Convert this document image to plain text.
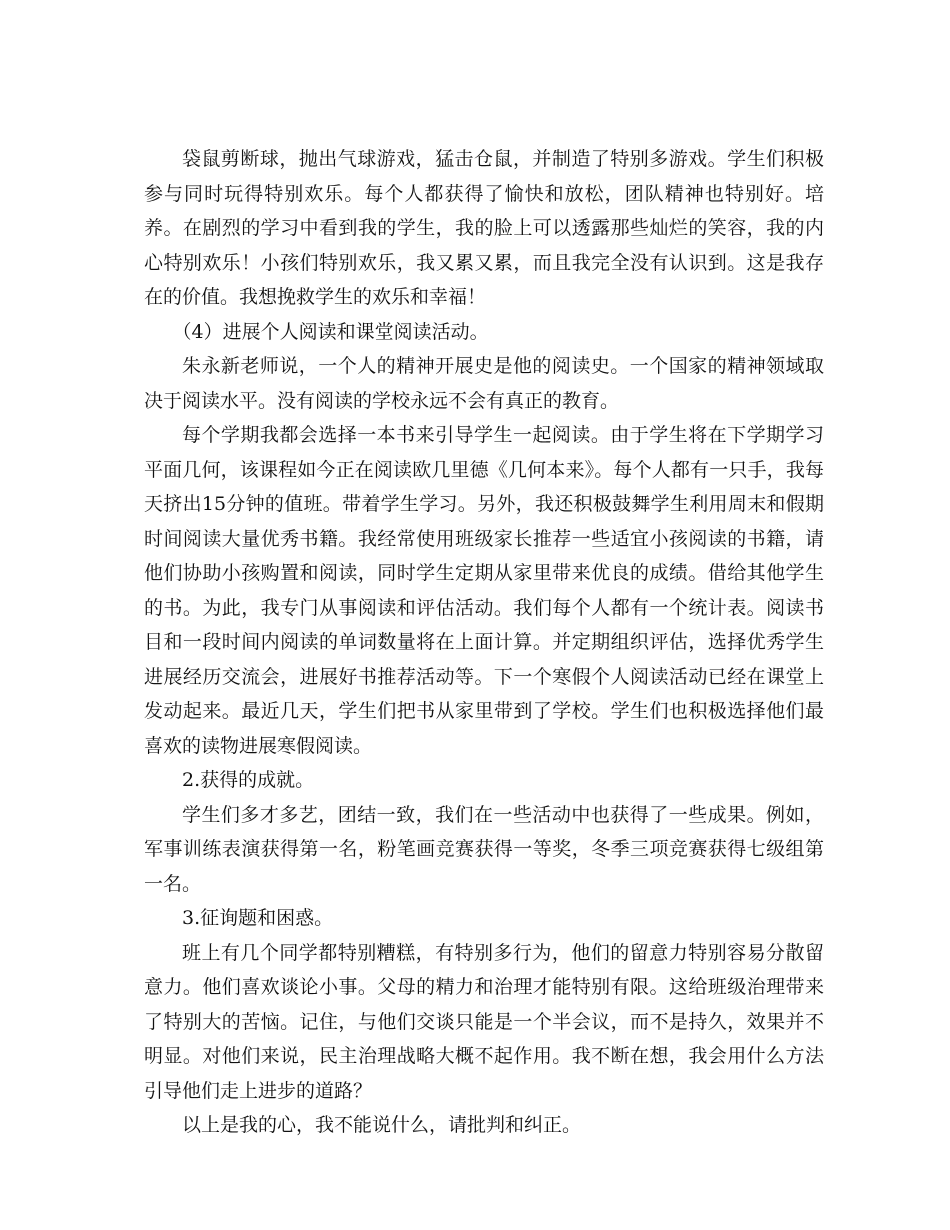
袋鼠剪断球，抛出气球游戏，猛击仓鼠，并制造了特别多游戏。学生们积极参与同时玩得特别欢乐。每个人都获得了愉快和放松，团队精神也特别好。培养。在剧烈的学习中看到我的学生，我的脸上可以透露那些灿烂的笑容，我的内心特别欢乐！小孩们特别欢乐，我又累又累，而且我完全没有认识到。这是我存在的价值。我想挽救学生的欢乐和幸福！

（4）进展个人阅读和课堂阅读活动。

朱永新老师说，一个人的精神开展史是他的阅读史。一个国家的精神领域取决于阅读水平。没有阅读的学校永远不会有真正的教育。

每个学期我都会选择一本书来引导学生一起阅读。由于学生将在下学期学习平面几何，该课程如今正在阅读欧几里德《几何本来》。每个人都有一只手，我每天挤出15分钟的值班。带着学生学习。另外，我还积极鼓舞学生利用周末和假期时间阅读大量优秀书籍。我经常使用班级家长推荐一些适宜小孩阅读的书籍，请他们协助小孩购置和阅读，同时学生定期从家里带来优良的成绩。借给其他学生的书。为此，我专门从事阅读和评估活动。我们每个人都有一个统计表。阅读书目和一段时间内阅读的单词数量将在上面计算。并定期组织评估，选择优秀学生进展经历交流会，进展好书推荐活动等。下一个寒假个人阅读活动已经在课堂上发动起来。最近几天，学生们把书从家里带到了学校。学生们也积极选择他们最喜欢的读物进展寒假阅读。

2.获得的成就。

学生们多才多艺，团结一致，我们在一些活动中也获得了一些成果。例如，军事训练表演获得第一名，粉笔画竞赛获得一等奖，冬季三项竞赛获得七级组第一名。

3.征询题和困惑。

班上有几个同学都特别糟糕，有特别多行为，他们的留意力特别容易分散留意力。他们喜欢谈论小事。父母的精力和治理才能特别有限。这给班级治理带来了特别大的苦恼。记住，与他们交谈只能是一个半会议，而不是持久，效果并不明显。对他们来说，民主治理战略大概不起作用。我不断在想，我会用什么方法引导他们走上进步的道路？

以上是我的心，我不能说什么，请批判和纠正。
